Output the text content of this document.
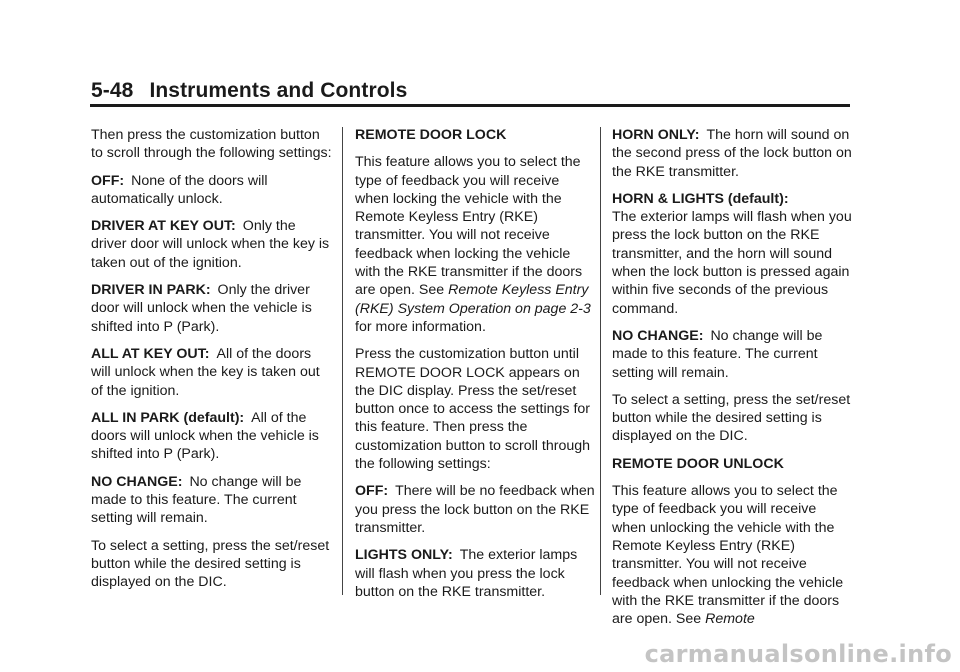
5-48 Instruments and Controls

Then press the customization button to scroll through the following settings:

OFF: None of the doors will automatically unlock.

DRIVER AT KEY OUT: Only the driver door will unlock when the key is taken out of the ignition.

DRIVER IN PARK: Only the driver door will unlock when the vehicle is shifted into P (Park).

ALL AT KEY OUT: All of the doors will unlock when the key is taken out of the ignition.

ALL IN PARK (default): All of the doors will unlock when the vehicle is shifted into P (Park).

NO CHANGE: No change will be made to this feature. The current setting will remain.

To select a setting, press the set/reset button while the desired setting is displayed on the DIC.

REMOTE DOOR LOCK

This feature allows you to select the type of feedback you will receive when locking the vehicle with the Remote Keyless Entry (RKE) transmitter. You will not receive feedback when locking the vehicle with the RKE transmitter if the doors are open. See Remote Keyless Entry (RKE) System Operation on page 2-3 for more information.

Press the customization button until REMOTE DOOR LOCK appears on the DIC display. Press the set/reset button once to access the settings for this feature. Then press the customization button to scroll through the following settings:

OFF: There will be no feedback when you press the lock button on the RKE transmitter.

LIGHTS ONLY: The exterior lamps will flash when you press the lock button on the RKE transmitter.

HORN ONLY: The horn will sound on the second press of the lock button on the RKE transmitter.

HORN & LIGHTS (default):
The exterior lamps will flash when you press the lock button on the RKE transmitter, and the horn will sound when the lock button is pressed again within five seconds of the previous command.

NO CHANGE: No change will be made to this feature. The current setting will remain.

To select a setting, press the set/reset button while the desired setting is displayed on the DIC.

REMOTE DOOR UNLOCK

This feature allows you to select the type of feedback you will receive when unlocking the vehicle with the Remote Keyless Entry (RKE) transmitter. You will not receive feedback when unlocking the vehicle with the RKE transmitter if the doors are open. See Remote

carmanualsonline.info
